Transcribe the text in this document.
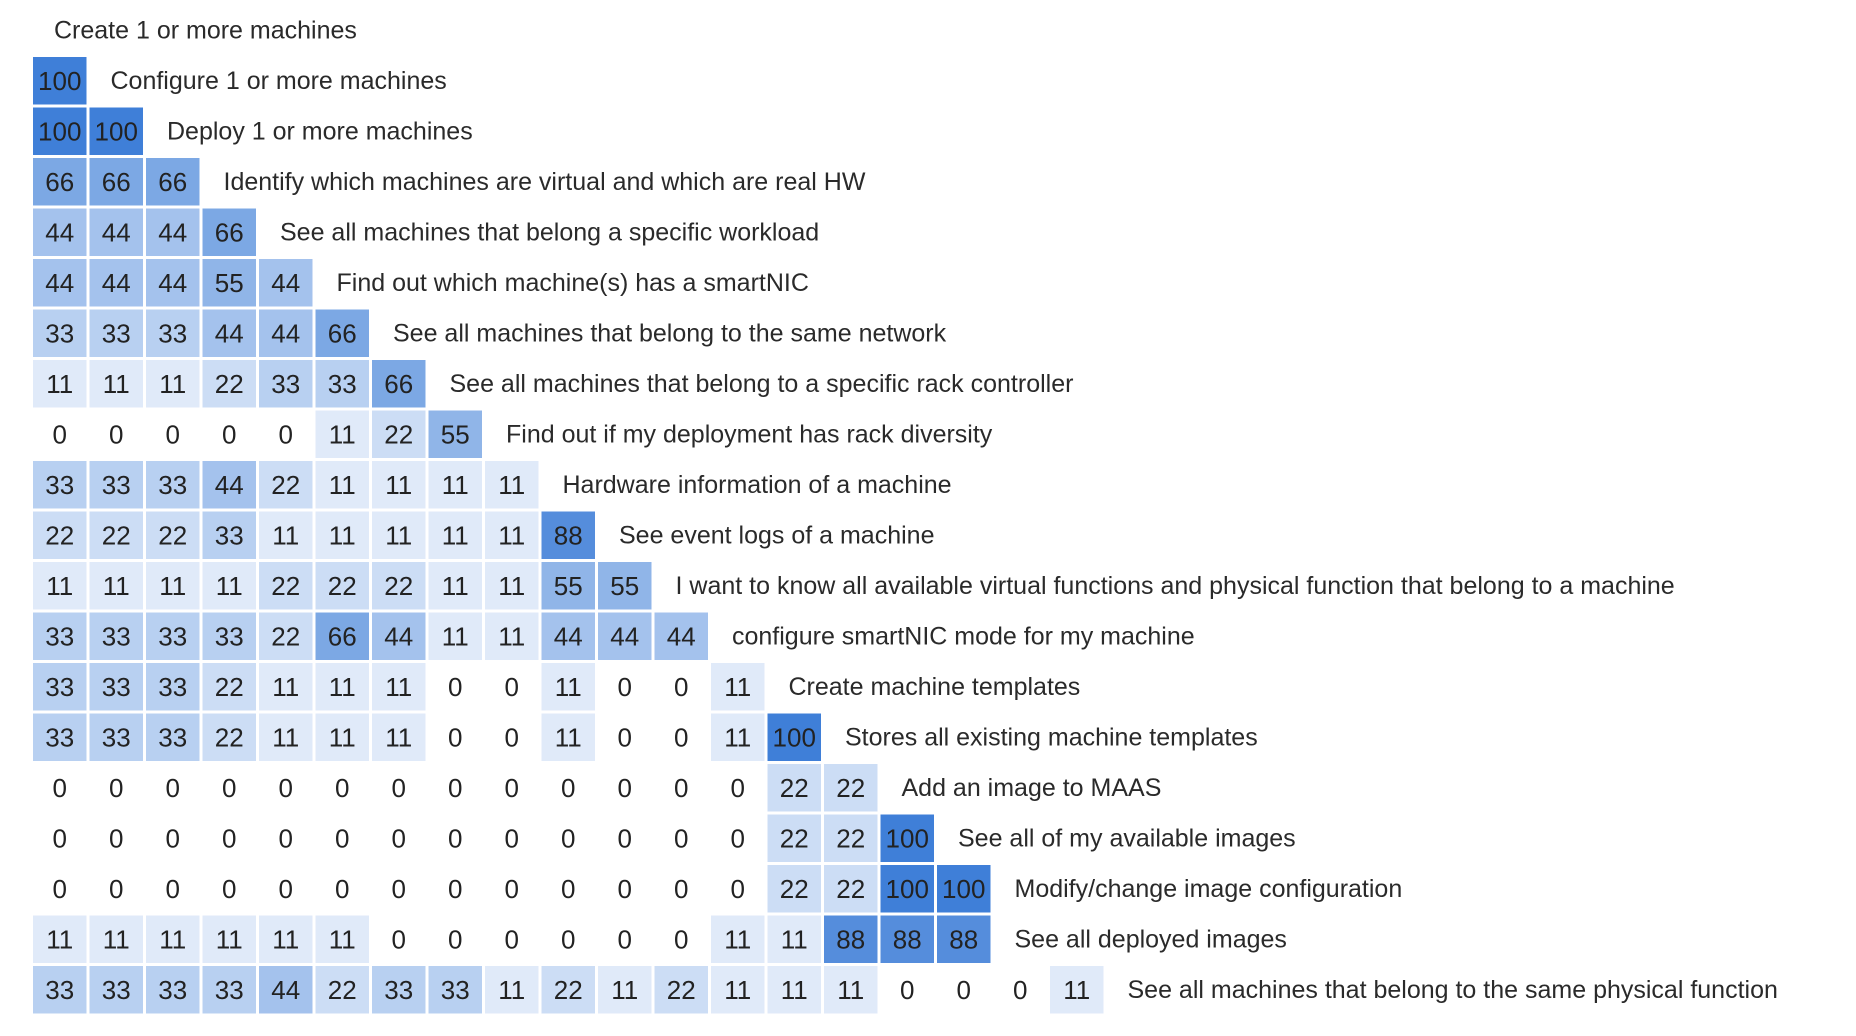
100
100 100
66 66 66
44 44 44 66
44 44 44 55 44
33 33 33 44 44 66
11 11 11 22 33 33 66
0 0 0 0 0 11 22 55
33 33 33 44 22 11 11 11 11
22 22 22 33 11 11 11 11 11 88
11 11 11 11 22 22 22 11 11 55 55
33 33 33 33 22 66 44 11 11 44 44 44
33 33 33 22 11 11 11 0 0 11 0 0 11
33 33 33 22 11 11 11 0 0 11 0 0 11 100
0 0 0 0 0 0 0 0 0 0 0 0 0 22 22
0 0 0 0 0 0 0 0 0 0 0 0 0 22 22 100
0 0 0 0 0 0 0 0 0 0 0 0 0 22 22 100 100
11 11 11 11 11 11 0 0 0 0 0 0 11 11 88 88 88
33 33 33 33 44 22 33 33 11 22 11 22 11 11 11 0 0 0 11
Create 1 or more machines
Configure 1 or more machines
Deploy 1 or more machines
Identify which machines are virtual and which are real HW
See all machines that belong a specific workload
Find out which machine(s) has a smartNIC
See all machines that belong to the same network
See all machines that belong to a specific rack controller
Find out if my deployment has rack diversity
Hardware information of a machine
See event logs of a machine
I want to know all available virtual functions and physical function that belong to a machine
configure smartNIC mode for my machine
Create machine templates
Stores all existing machine templates
Add an image to MAAS
See all of my available images
Modify/change image configuration
See all deployed images
See all machines that belong to the same physical function
